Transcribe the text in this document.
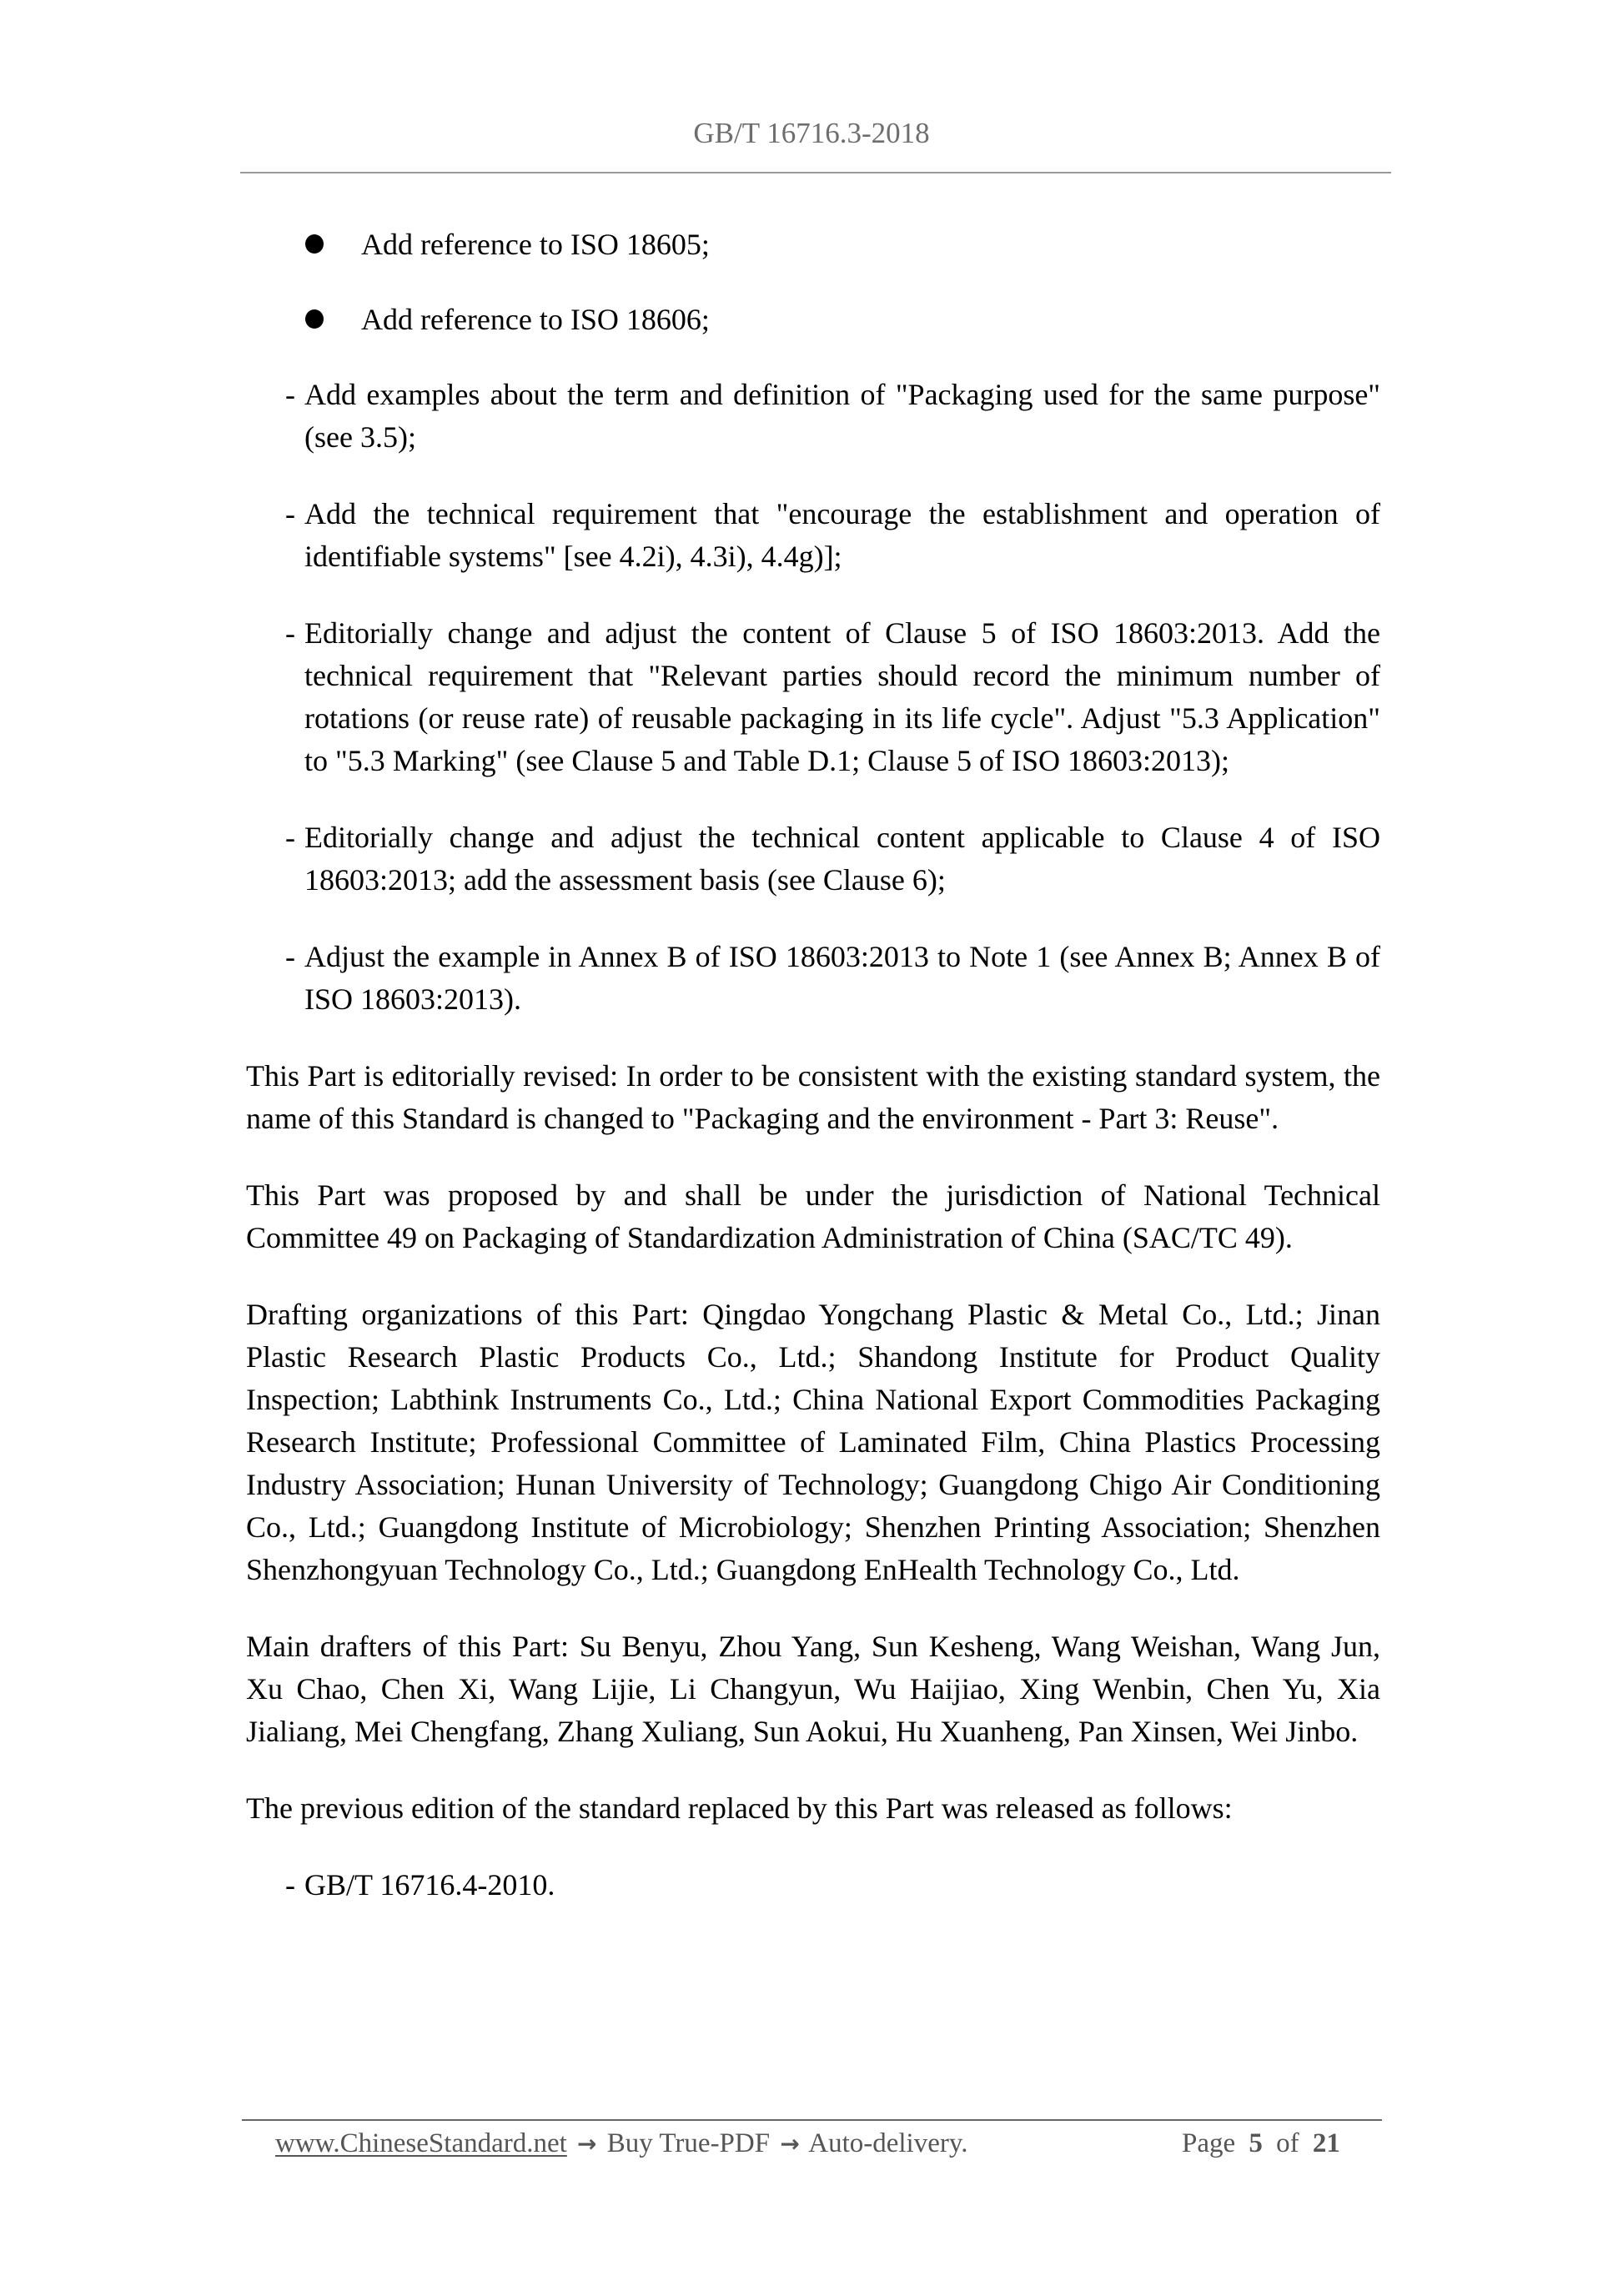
GB/T 16716.3-2018

Add reference to ISO 18605;
Add reference to ISO 18606;
- Add examples about the term and definition of "Packaging used for the same purpose" (see 3.5);
- Add the technical requirement that "encourage the establishment and operation of identifiable systems" [see 4.2i), 4.3i), 4.4g)];
- Editorially change and adjust the content of Clause 5 of ISO 18603:2013. Add the technical requirement that "Relevant parties should record the minimum number of rotations (or reuse rate) of reusable packaging in its life cycle". Adjust "5.3 Application" to "5.3 Marking" (see Clause 5 and Table D.1; Clause 5 of ISO 18603:2013);
- Editorially change and adjust the technical content applicable to Clause 4 of ISO 18603:2013; add the assessment basis (see Clause 6);
- Adjust the example in Annex B of ISO 18603:2013 to Note 1 (see Annex B; Annex B of ISO 18603:2013).

This Part is editorially revised: In order to be consistent with the existing standard system, the name of this Standard is changed to "Packaging and the environment - Part 3: Reuse".

This Part was proposed by and shall be under the jurisdiction of National Technical Committee 49 on Packaging of Standardization Administration of China (SAC/TC 49).

Drafting organizations of this Part: Qingdao Yongchang Plastic & Metal Co., Ltd.; Jinan Plastic Research Plastic Products Co., Ltd.; Shandong Institute for Product Quality Inspection; Labthink Instruments Co., Ltd.; China National Export Commodities Packaging Research Institute; Professional Committee of Laminated Film, China Plastics Processing Industry Association; Hunan University of Technology; Guangdong Chigo Air Conditioning Co., Ltd.; Guangdong Institute of Microbiology; Shenzhen Printing Association; Shenzhen Shenzhongyuan Technology Co., Ltd.; Guangdong EnHealth Technology Co., Ltd.

Main drafters of this Part: Su Benyu, Zhou Yang, Sun Kesheng, Wang Weishan, Wang Jun, Xu Chao, Chen Xi, Wang Lijie, Li Changyun, Wu Haijiao, Xing Wenbin, Chen Yu, Xia Jialiang, Mei Chengfang, Zhang Xuliang, Sun Aokui, Hu Xuanheng, Pan Xinsen, Wei Jinbo.

The previous edition of the standard replaced by this Part was released as follows:

- GB/T 16716.4-2010.
www.ChineseStandard.net → Buy True-PDF → Auto-delivery.	Page 5 of 21
